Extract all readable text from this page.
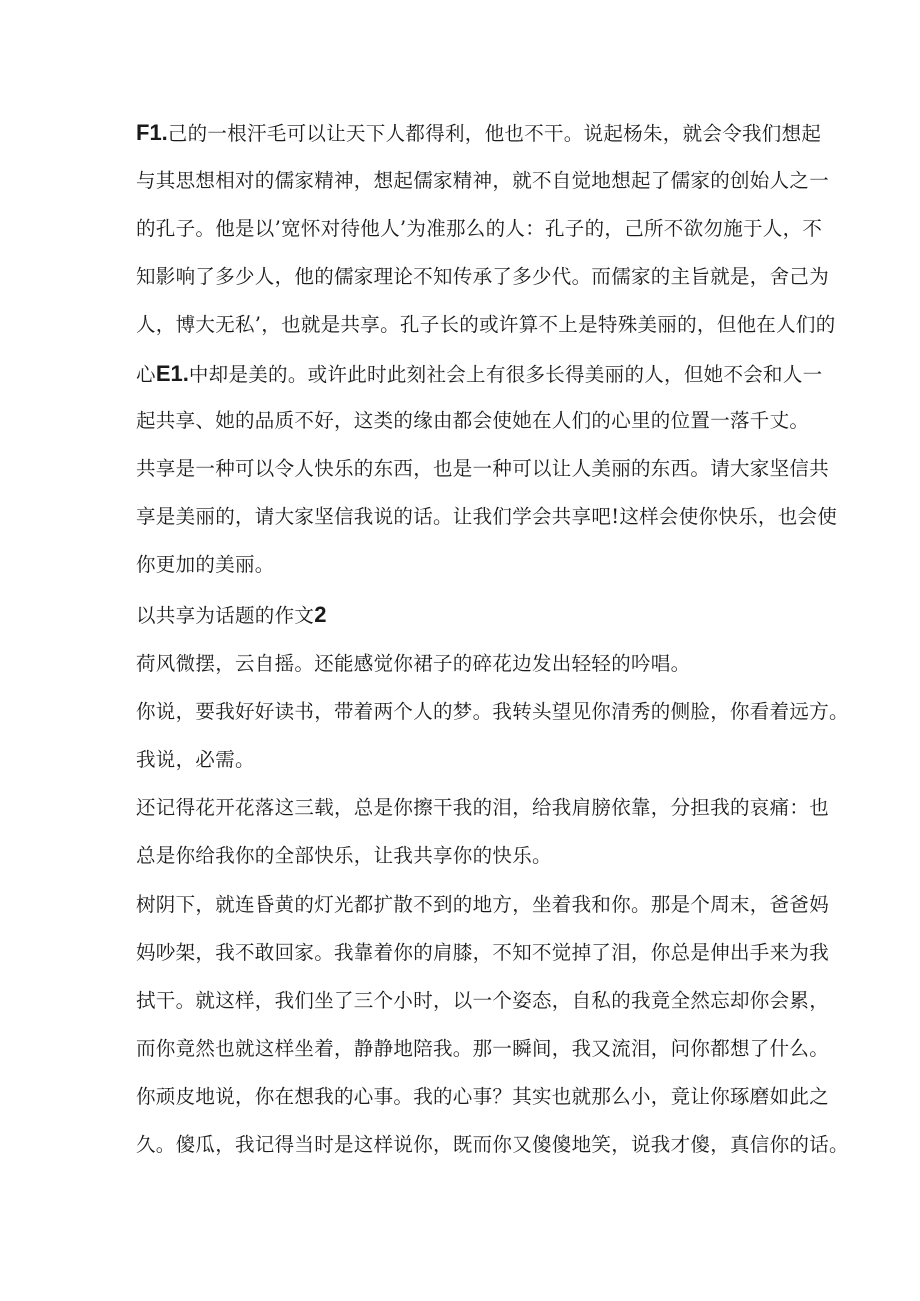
F1.己的一根汗毛可以让天下人都得利，他也不干。说起杨朱，就会令我们想起
与其思想相对的儒家精神，想起儒家精神，就不自觉地想起了儒家的创始人之一
的孔子。他是以’宽怀对待他人’为准那么的人：孔子的，己所不欲勿施于人，不
知影响了多少人，他的儒家理论不知传承了多少代。而儒家的主旨就是，舍己为
人，博大无私’，也就是共享。孔子长的或许算不上是特殊美丽的，但他在人们的
心E1.中却是美的。或许此时此刻社会上有很多长得美丽的人，但她不会和人一
起共享、她的品质不好，这类的缘由都会使她在人们的心里的位置一落千丈。
共享是一种可以令人快乐的东西，也是一种可以让人美丽的东西。请大家坚信共
享是美丽的，请大家坚信我说的话。让我们学会共享吧!这样会使你快乐，也会使
你更加的美丽。
以共享为话题的作文2
荷风微摆，云自摇。还能感觉你裙子的碎花边发出轻轻的吟唱。
你说，要我好好读书，带着两个人的梦。我转头望见你清秀的侧脸，你看着远方。
我说，必需。
还记得花开花落这三载，总是你擦干我的泪，给我肩膀依靠，分担我的哀痛：也
总是你给我你的全部快乐，让我共享你的快乐。
树阴下，就连昏黄的灯光都扩散不到的地方，坐着我和你。那是个周末，爸爸妈
妈吵架，我不敢回家。我靠着你的肩膝，不知不觉掉了泪，你总是伸出手来为我
拭干。就这样，我们坐了三个小时，以一个姿态，自私的我竟全然忘却你会累，
而你竟然也就这样坐着，静静地陪我。那一瞬间，我又流泪，问你都想了什么。
你顽皮地说，你在想我的心事。我的心事？其实也就那么小，竟让你琢磨如此之
久。傻瓜，我记得当时是这样说你，既而你又傻傻地笑，说我才傻，真信你的话。
